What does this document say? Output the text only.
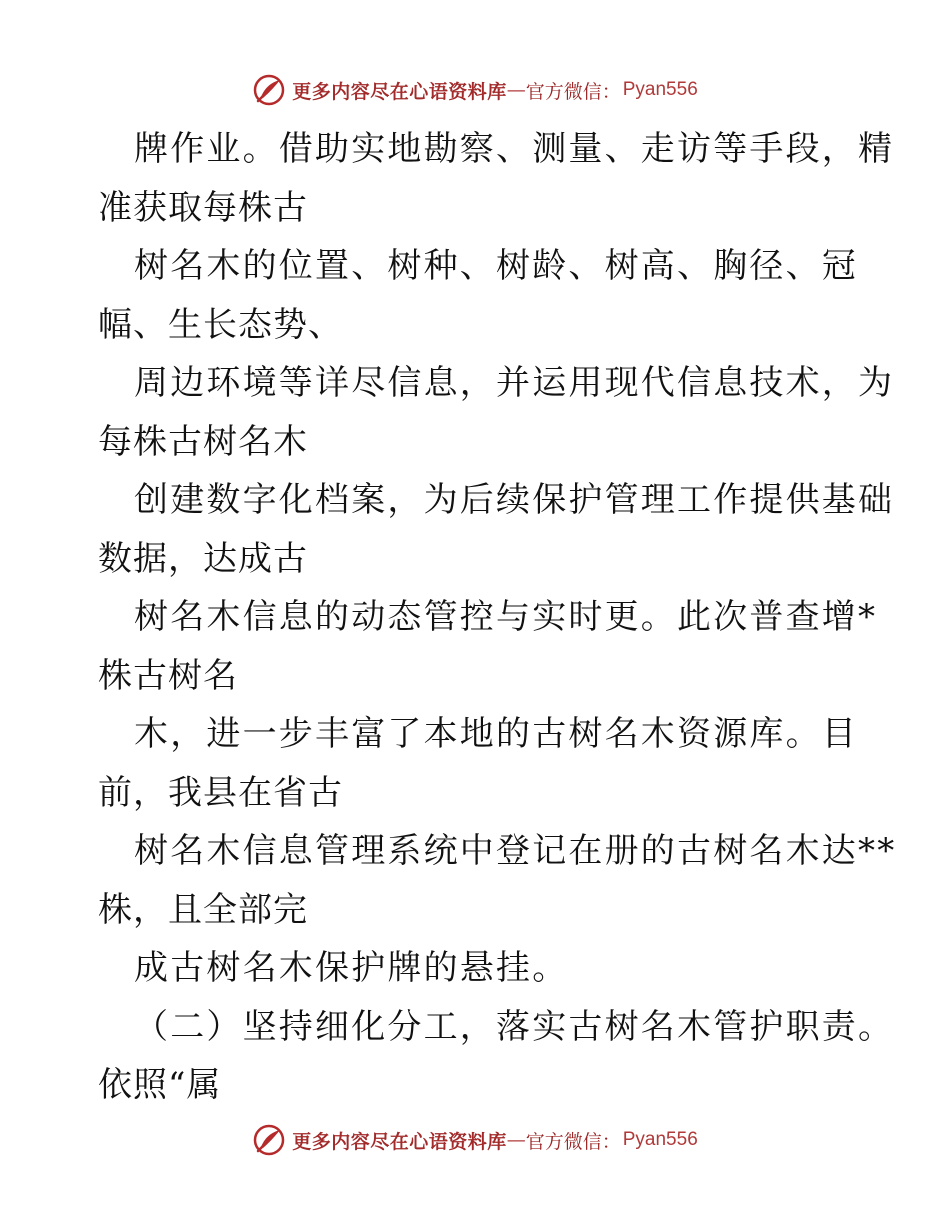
更多内容尽在心语资料库 — 官方微信： Pyan556
牌作业。借助实地勘察、测量、走访等手段，精
准获取每株古
树名木的位置、树种、树龄、树高、胸径、冠
幅、生长态势、
周边环境等详尽信息，并运用现代信息技术，为
每株古树名木
创建数字化档案，为后续保护管理工作提供基础
数据，达成古
树名木信息的动态管控与实时更。此次普查增*
株古树名
木，进一步丰富了本地的古树名木资源库。目
前，我县在省古
树名木信息管理系统中登记在册的古树名木达**
株，且全部完
成古树名木保护牌的悬挂。
（二）坚持细化分工，落实古树名木管护职责。
依照“属
更多内容尽在心语资料库 — 官方微信： Pyan556
